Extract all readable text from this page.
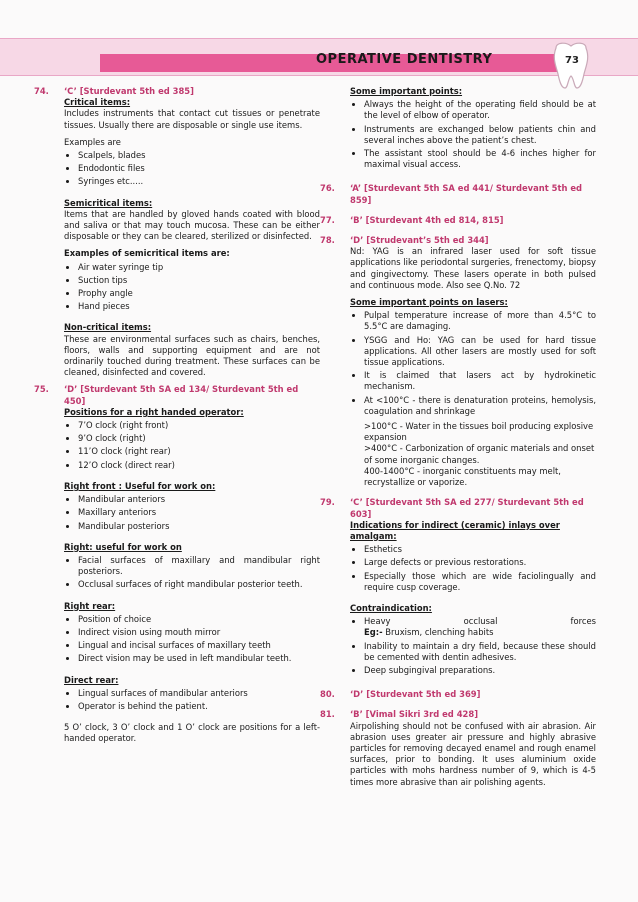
OPERATIVE DENTISTRY	73
74. ‘C’ [Sturdevant 5th ed 385]
Critical items:

Includes instruments that contact cut tissues or penetrate tissues. Usually there are disposable or single use items.

Examples are
• Scalpels, blades
• Endodontic files
• Syringes etc.....
Semicritical items:

Items that are handled by gloved hands coated with blood and saliva or that may touch mucosa. These can be either disposable or they can be cleared, sterilized or disinfected.

Examples of semicritical items are:
• Air water syringe tip
• Suction tips
• Prophy angle
• Hand pieces
Non-critical items:

These are environmental surfaces such as chairs, benches, floors, walls and supporting equipment and are not ordinarily touched during treatment. These surfaces can be cleaned, disinfected and covered.

75. ‘D’ [Sturdevant 5th SA ed 134/ Sturdevant 5th ed 450]
Positions for a right handed operator:
• 7’O clock (right front)
• 9’O clock (right)
• 11’O clock (right rear)
• 12’O clock (direct rear)
Right front : Useful for work on:
• Mandibular anteriors
• Maxillary anteriors
• Mandibular posteriors
Right: useful for work on
• Facial surfaces of maxillary and mandibular right posteriors.
• Occlusal surfaces of right mandibular posterior teeth.
Right rear:
• Position of choice
• Indirect vision using mouth mirror
• Lingual and incisal surfaces of maxillary teeth
• Direct vision may be used in left mandibular teeth.
Direct rear:
• Lingual surfaces of mandibular anteriors
• Operator is behind the patient.

5 O’ clock, 3 O’ clock and 1 O’ clock are positions for a left-handed operator.

Some important points:
• Always the height of the operating field should be at the level of elbow of operator.
• Instruments are exchanged below patients chin and several inches above the patient’s chest.
• The assistant stool should be 4-6 inches higher for maximal visual access.
76. ‘A’ [Sturdevant 5th SA ed 441/ Sturdevant 5th ed 859]
77. ‘B’ [Sturdevant 4th ed 814, 815]
78. ‘D’ [Strudevant’s 5th ed 344]

Nd: YAG is an infrared laser used for soft tissue applications like periodontal surgeries, frenectomy, biopsy and gingivectomy. These lasers operate in both pulsed and continuous mode. Also see Q.No. 72

Some important points on lasers:
• Pulpal temperature increase of more than 4.5°C to 5.5°C are damaging.
• YSGG and Ho: YAG can be used for hard tissue applications. All other lasers are mostly used for soft tissue applications.
• It is claimed that lasers act by hydrokinetic mechanism.
• At <100°C - there is denaturation proteins, hemolysis, coagulation and shrinkage
>100°C - Water in the tissues boil producing explosive expansion
>400°C - Carbonization of organic materials and onset of some inorganic changes.
400-1400°C - inorganic constituents may melt, recrystallize or vaporize.
79. ‘C’ [Sturdevant 5th SA ed 277/ Sturdevant 5th ed 603]
Indications for indirect (ceramic) inlays over amalgam:
• Esthetics
• Large defects or previous restorations.
• Especially those which are wide faciolingually and require cusp coverage.
Contraindication:
• Heavy	occlusal	forces
Eg:- Bruxism, clenching habits
• Inability to maintain a dry field, because these should be cemented with dentin adhesives.
• Deep subgingival preparations.
80. ‘D’ [Sturdevant 5th ed 369]
81. ‘B’ [Vimal Sikri 3rd ed 428]

Airpolishing should not be confused with air abrasion. Air abrasion uses greater air pressure and highly abrasive particles for removing decayed enamel and rough enamel surfaces, prior to bonding. It uses aluminium oxide particles with mohs hardness number of 9, which is 4-5 times more abrasive than air polishing agents.
